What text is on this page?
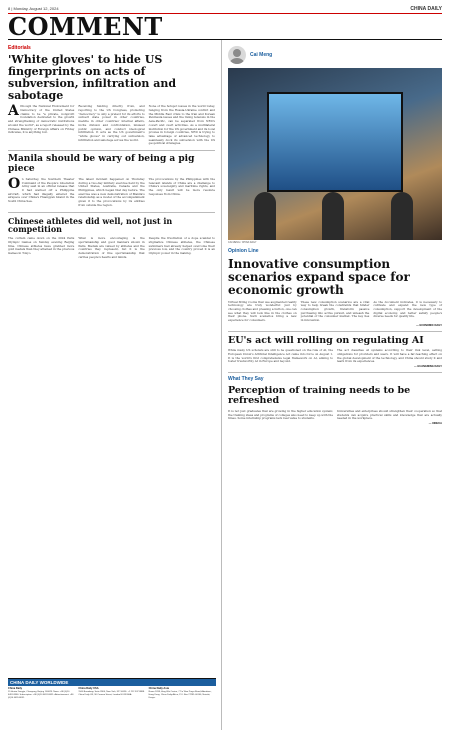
8 | Monday, August 12, 2024	CHINA DAILY
COMMENT
Editorials
'White gloves' to hide US fingerprints on acts of subversion, infiltration and sabotage
A lthough the National Endowment for Democracy of the United States claims to be "a private, nonprofit foundation dedicated to the growth and strengthening of democratic institutions around the world", as a report released by the Chinese Ministry of Foreign Affairs on Friday indicates, it is anything but.
Receiving funding directly from, and reporting to the US Congress, promoting "democracy" is only a pretext for its efforts to subvert state power in other countries, meddle in other countries' internal affairs, incite division and confrontation, mislead public opinion, and conduct ideological infiltration. It acts as the US government's "white gloves" in carrying out subversion, infiltration and sabotage across the world.
None of the hotspot issues in the world today, ranging from the Russia-Ukraine conflict and the Middle East crisis to the Iran and Korean Peninsula issues and the rising tensions in the Asia-Pacific, can be separated from NED's covert and overt activities. As a multilateral institution for the US government and its local proxies in foreign countries, NED is trying to take advantage of advanced technology to seamlessly dock its subversion with the US geopolitical strategies.
Manila should be wary of being a pig piece
O n Saturday, the Southern Theater Command of the People's Liberation Army said in an official release that it had warned off a Philippine aircraft, which had illegally entered the airspace over China's Huangyan Island in the South China Sea.
The latest incident happened on Thursday during a two-day military exercise held by the United States, Australia, Canada and the Philippines, which began that day before. The exercise was a new demonstration of Manila's relationship as a model of the accompaniment given it to the provocations by its entities from outside the region.
The provocations by the Philippines with the relevant islands of China are a challenge to China's sovereignty and maritime rights, and the only result will be more resolute responses from China.
Chinese athletes did well, not just in competition
The curtain came down on the 2024 Paris Olympic Games on Sunday evening Beijing time. Chinese athletes have grabbed more gold medals than they attained in the previous Games in Tokyo.
What is more encouraging is the sportsmanship and good manners shown in Paris. Medals are valued by athletes and the countries they represent, but it is the demonstration of fine sportsmanship that carries people's hearts and minds.
Despite the frustration of a dope scandal to stigmatize Chinese athletes, the Chinese swimmers had already helped overcome their previous low, and the country proved it is an Olympic power in the making.
CHINA DAILY WORLDWIDE
China Daily
15 Huixin Dongjie, Chaoyang, Beijing 100029. News: +86 (0)10 6491-8366. Subscription: +86 (0)10 6491-8631. Advertisement: +86 (0)10 6491-8631.
China Daily USA
1500 Broadway, Suite 2800, New York, NY 10036. +1 212 537 8888. China Daily UK, 90 Cannon Street, London EC4N 6HA.
China Daily Asia
Room 1818, Hing Wai Centre, 7 Tin Wan Praya Road, Aberdeen, Hong Kong. China Daily Africa, P.O. Box 27281-00100, Nairobi, Kenya.
Cai Meng
CAI MENG / CHINA DAILY
Opinion Line
Innovative consumption scenarios expand space for economic growth
Virtual fitting rooms that use augmented reality technology are truly wonderful: just by choosing clothes and pressing a button, one can see what they will look like in the clothes on their phone. Such scenarios bring a new experience for consumers.
These new consumption scenarios are a vital way to help break the constraints that hinder consumption growth, transform passive purchasing into active pursuit, and unleash the potential of the consumer market. The key lies in innovation.
As the document indicates, it is necessary to cultivate and expand the new type of consumption, support the development of the digital economy, and better satisfy people's diverse needs for quality life.
— ECONOMIC DAILY
EU's act will rolling on regulating AI
While many US scholars are still to be questioned on the rule of AI, the European Union's Artificial Intelligence Act came into force on August 1. It is the world's first comprehensive legal framework on AI, aiming to foster trustworthy AI in Europe and beyond.
The act classifies AI systems according to their risk level, setting obligations for providers and users. It will have a far-reaching effect on the global development of the technology, and China should study it and learn from its experiences.
— GUANGMING DAILY
What They Say
Perception of training needs to be refreshed
It is not just graduates that are growing in the higher education system; the training ideas and programs of colleges also need to keep up with the times. Some internship programs lack real value to students.
Universities and enterprises should strengthen their cooperation so that students can acquire practical skills and knowledge that are actually needed in the workplace.
— XINHUA
